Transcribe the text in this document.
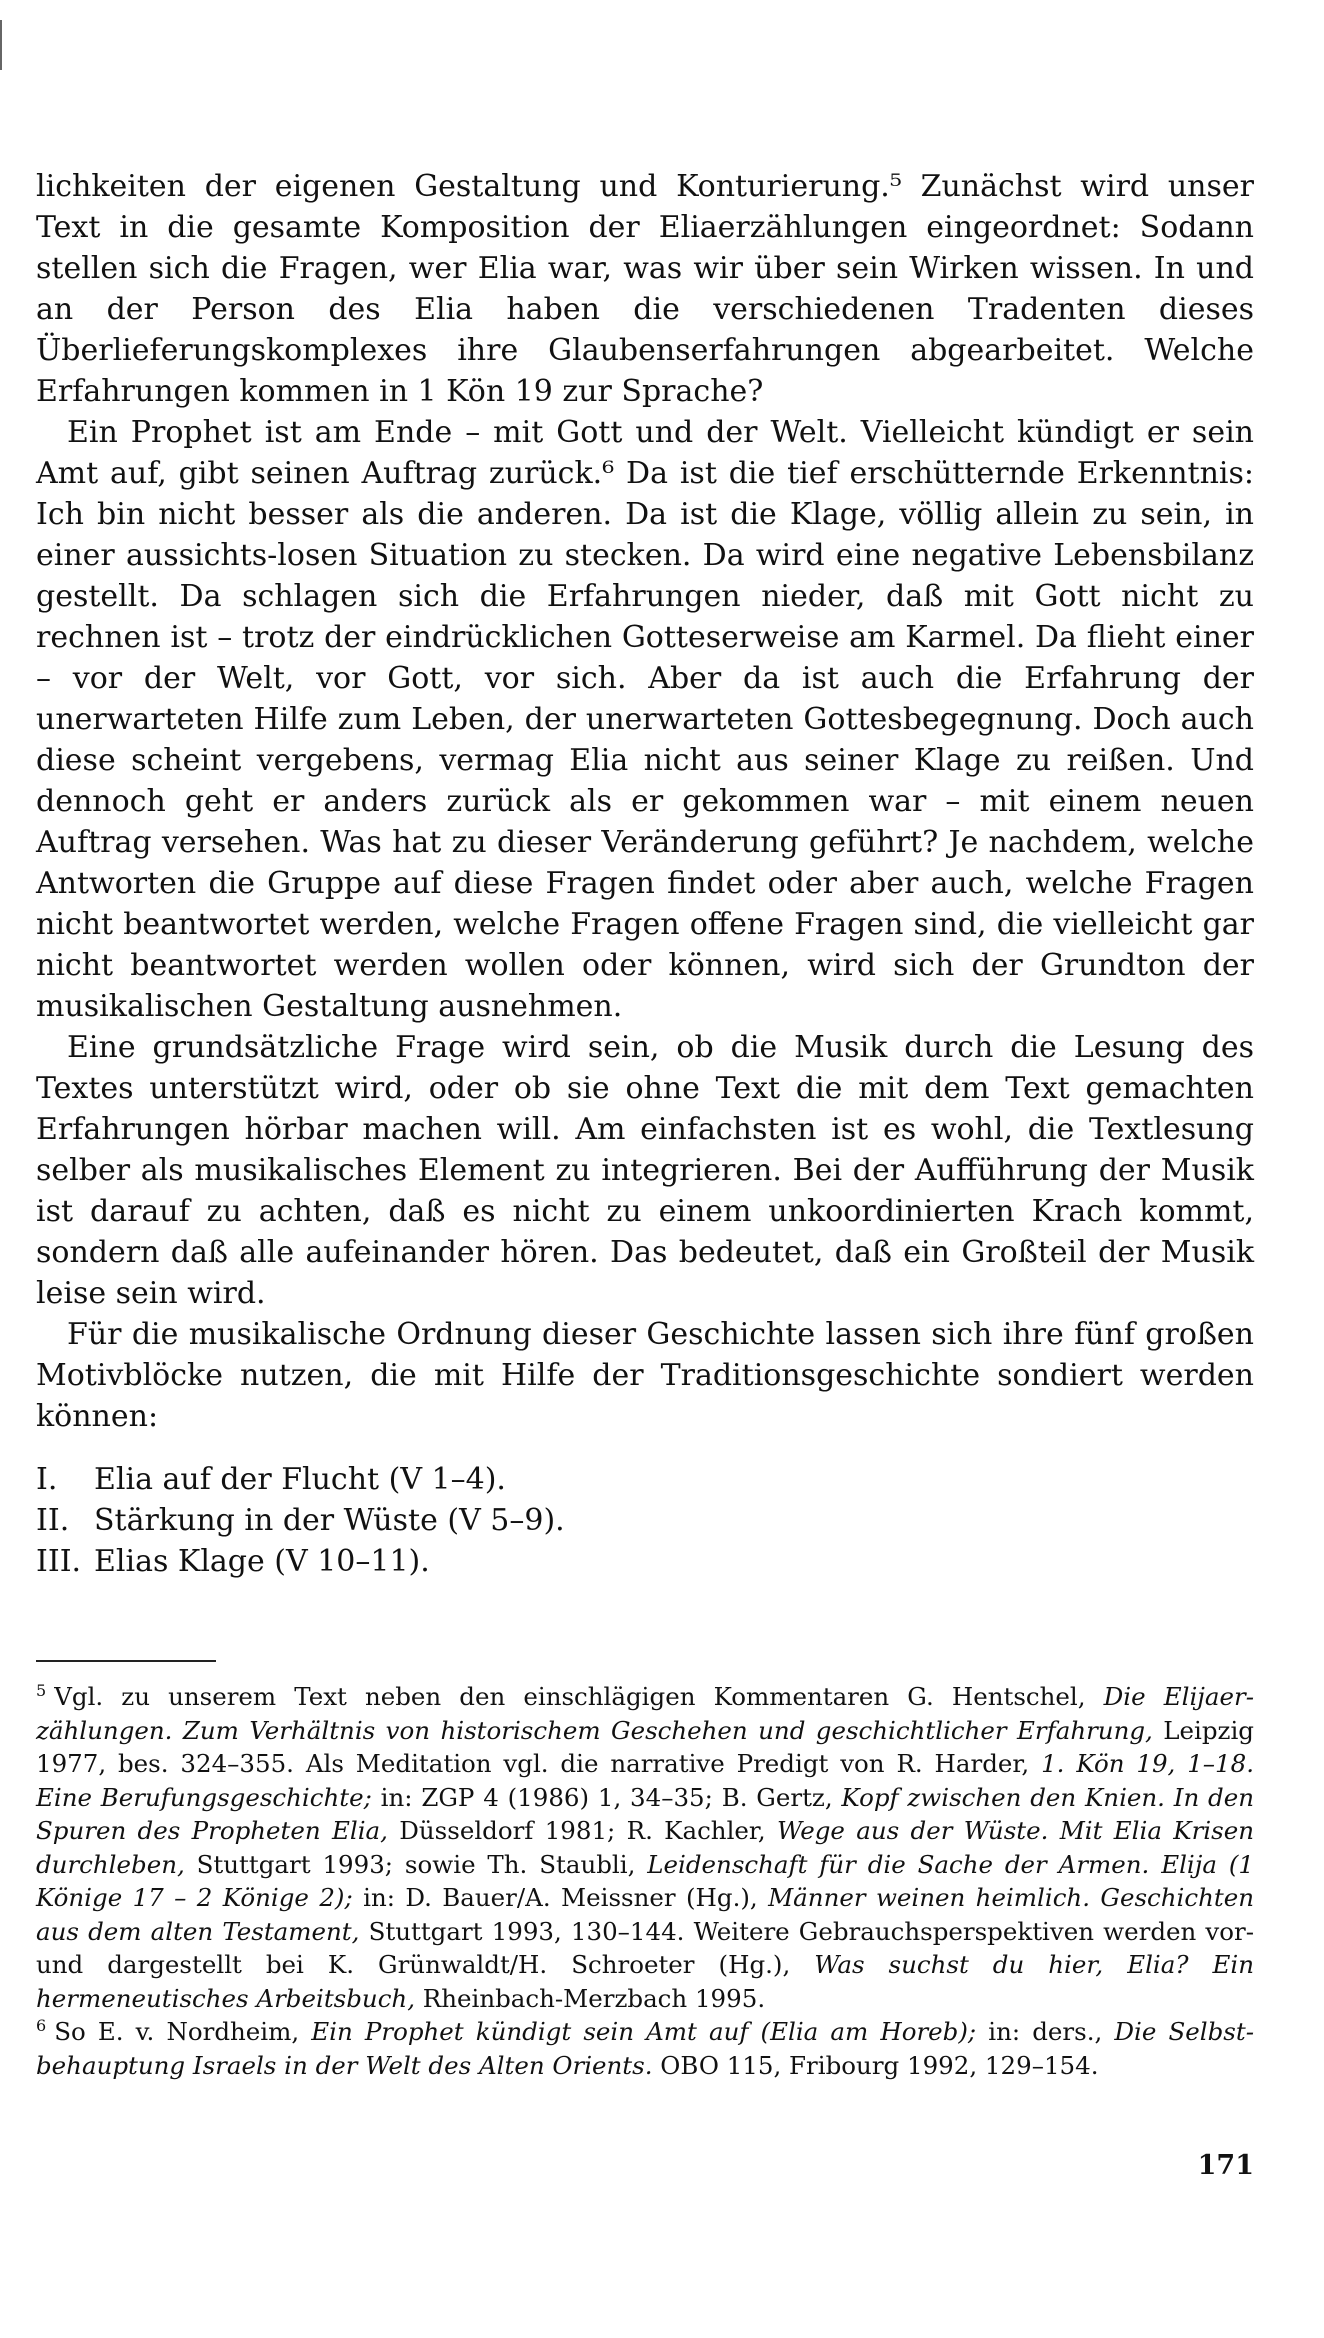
lichkeiten der eigenen Gestaltung und Konturierung.⁵ Zunächst wird unser Text in die gesamte Komposition der Eliaerzählungen eingeordnet: Sodann stellen sich die Fragen, wer Elia war, was wir über sein Wirken wissen. In und an der Person des Elia haben die verschiedenen Tradenten dieses Überlieferungskomplexes ihre Glaubenserfahrungen abgearbeitet. Welche Erfahrungen kommen in 1 Kön 19 zur Sprache?

Ein Prophet ist am Ende – mit Gott und der Welt. Vielleicht kündigt er sein Amt auf, gibt seinen Auftrag zurück.⁶ Da ist die tief erschütternde Erkenntnis: Ich bin nicht besser als die anderen. Da ist die Klage, völlig allein zu sein, in einer aussichts-losen Situation zu stecken. Da wird eine negative Lebensbilanz gestellt. Da schlagen sich die Erfahrungen nieder, daß mit Gott nicht zu rechnen ist – trotz der eindrücklichen Gotteserweise am Karmel. Da flieht einer – vor der Welt, vor Gott, vor sich. Aber da ist auch die Erfahrung der unerwarteten Hilfe zum Leben, der unerwarteten Gottesbegegnung. Doch auch diese scheint vergebens, vermag Elia nicht aus seiner Klage zu reißen. Und dennoch geht er anders zurück als er gekommen war – mit einem neuen Auftrag versehen. Was hat zu dieser Veränderung geführt? Je nachdem, welche Antworten die Gruppe auf diese Fragen findet oder aber auch, welche Fragen nicht beantwortet werden, welche Fragen offene Fragen sind, die vielleicht gar nicht beantwortet werden wollen oder können, wird sich der Grundton der musikalischen Gestaltung ausnehmen.

Eine grundsätzliche Frage wird sein, ob die Musik durch die Lesung des Textes unterstützt wird, oder ob sie ohne Text die mit dem Text gemachten Erfahrungen hörbar machen will. Am einfachsten ist es wohl, die Textlesung selber als musikalisches Element zu integrieren. Bei der Aufführung der Musik ist darauf zu achten, daß es nicht zu einem unkoordinierten Krach kommt, sondern daß alle aufeinander hören. Das bedeutet, daß ein Großteil der Musik leise sein wird.

Für die musikalische Ordnung dieser Geschichte lassen sich ihre fünf großen Motivblöcke nutzen, die mit Hilfe der Traditionsgeschichte sondiert werden können:

I.	Elia auf der Flucht (V 1–4).
II. Stärkung in der Wüste (V 5–9).
III. Elias Klage (V 10–11).

$^5$ Vgl. zu unserem Text neben den einschlägigen Kommentaren G. Hentschel, Die Elijaerzählungen. Zum Verhältnis von historischem Geschehen und geschichtlicher Erfahrung, Leipzig 1977, bes. 324–355. Als Meditation vgl. die narrative Predigt von R. Harder, 1. Kön 19, 1–18. Eine Berufungsgeschichte; in: ZGP 4 (1986) 1, 34–35; B. Gertz, Kopf zwischen den Knien. In den Spuren des Propheten Elia, Düsseldorf 1981; R. Kachler, Wege aus der Wüste. Mit Elia Krisen durchleben, Stuttgart 1993; sowie Th. Staubli, Leidenschaft für die Sache der Armen. Elija (1 Könige 17 – 2 Könige 2); in: D. Bauer/A. Meissner (Hg.), Männer weinen heimlich. Geschichten aus dem alten Testament, Stuttgart 1993, 130–144. Weitere Gebrauchsperspektiven werden vor- und dargestellt bei K. Grünwaldt/H. Schroeter (Hg.), Was suchst du hier, Elia? Ein hermeneutisches Arbeitsbuch, Rheinbach-Merzbach 1995.

$^6$ So E. v. Nordheim, Ein Prophet kündigt sein Amt auf (Elia am Horeb); in: ders., Die Selbstbehauptung Israels in der Welt des Alten Orients. OBO 115, Fribourg 1992, 129–154.

171
